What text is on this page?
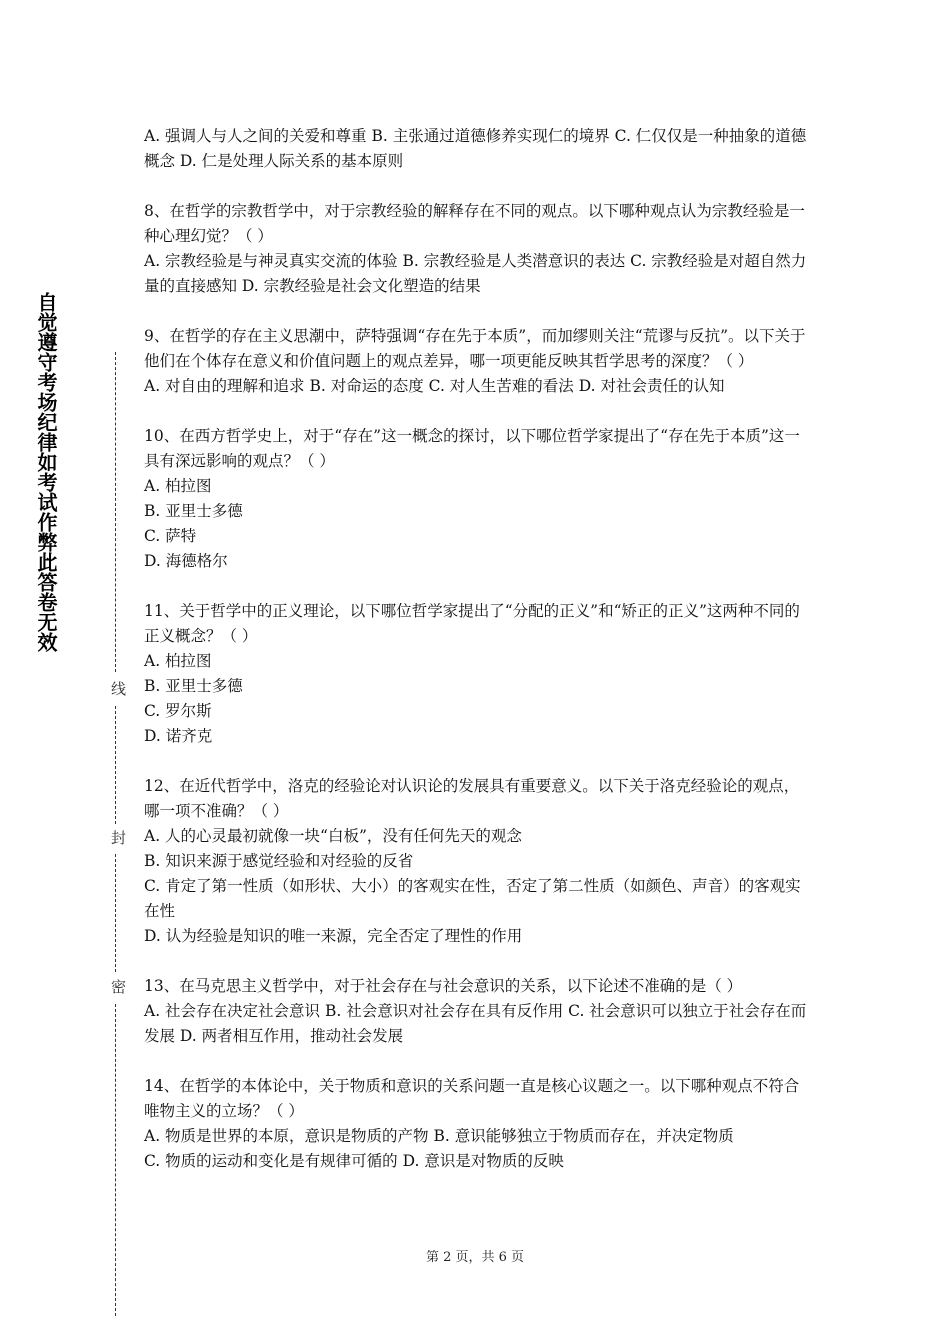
自觉遵守考场纪律如考试作弊此答卷无效
线
封
密

A. 强调人与人之间的关爱和尊重 B. 主张通过道德修养实现仁的境界 C. 仁仅仅是一种抽象的道德概念 D. 仁是处理人际关系的基本原则

8、在哲学的宗教哲学中，对于宗教经验的解释存在不同的观点。以下哪种观点认为宗教经验是一种心理幻觉？（ ）

A. 宗教经验是与神灵真实交流的体验 B. 宗教经验是人类潜意识的表达 C. 宗教经验是对超自然力量的直接感知 D. 宗教经验是社会文化塑造的结果

9、在哲学的存在主义思潮中，萨特强调“存在先于本质”，而加缪则关注“荒谬与反抗”。以下关于他们在个体存在意义和价值问题上的观点差异，哪一项更能反映其哲学思考的深度？（ ）

A. 对自由的理解和追求 B. 对命运的态度 C. 对人生苦难的看法 D. 对社会责任的认知

10、在西方哲学史上，对于“存在”这一概念的探讨，以下哪位哲学家提出了“存在先于本质”这一具有深远影响的观点？（ ）

A. 柏拉图

B. 亚里士多德

C. 萨特

D. 海德格尔

11、关于哲学中的正义理论，以下哪位哲学家提出了“分配的正义”和“矫正的正义”这两种不同的正义概念？（ ）

A. 柏拉图

B. 亚里士多德

C. 罗尔斯

D. 诺齐克

12、在近代哲学中，洛克的经验论对认识论的发展具有重要意义。以下关于洛克经验论的观点，哪一项不准确？（ ）

A. 人的心灵最初就像一块“白板”，没有任何先天的观念

B. 知识来源于感觉经验和对经验的反省

C. 肯定了第一性质（如形状、大小）的客观实在性，否定了第二性质（如颜色、声音）的客观实在性

D. 认为经验是知识的唯一来源，完全否定了理性的作用

13、在马克思主义哲学中，对于社会存在与社会意识的关系，以下论述不准确的是（ ）

A. 社会存在决定社会意识 B. 社会意识对社会存在具有反作用 C. 社会意识可以独立于社会存在而发展 D. 两者相互作用，推动社会发展

14、在哲学的本体论中，关于物质和意识的关系问题一直是核心议题之一。以下哪种观点不符合唯物主义的立场？（ ）

A. 物质是世界的本原，意识是物质的产物 B. 意识能够独立于物质而存在，并决定物质

C. 物质的运动和变化是有规律可循的 D. 意识是对物质的反映

第 2 页，共 6 页
